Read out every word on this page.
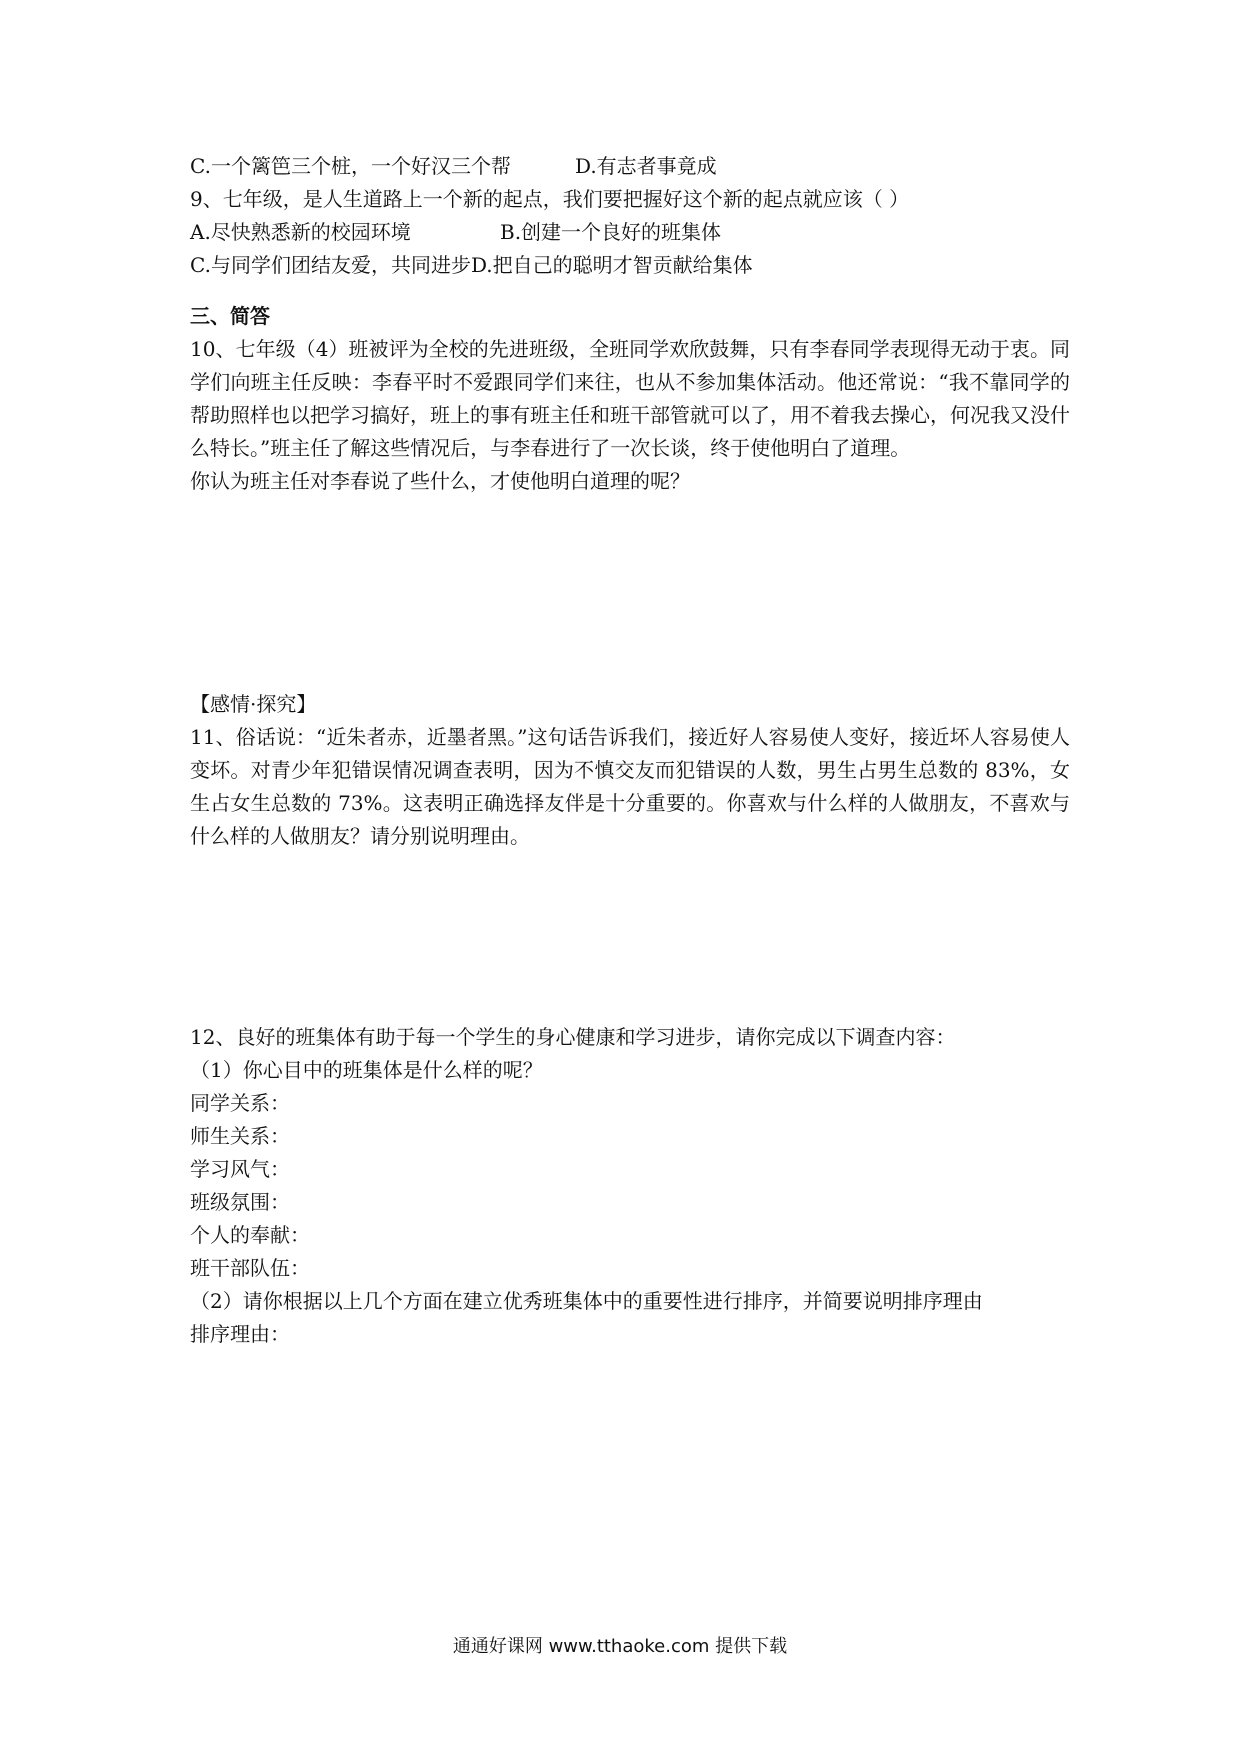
C.一个篱笆三个桩，一个好汉三个帮	D.有志者事竟成
9、七年级，是人生道路上一个新的起点，我们要把握好这个新的起点就应该（ ）
A.尽快熟悉新的校园环境	B.创建一个良好的班集体
C.与同学们团结友爱，共同进步 D.把自己的聪明才智贡献给集体
三、简答
10、七年级（4）班被评为全校的先进班级，全班同学欢欣鼓舞，只有李春同学表现得无动于衷。同学们向班主任反映：李春平时不爱跟同学们来往，也从不参加集体活动。他还常说：“我不靠同学的帮助照样也以把学习搞好，班上的事有班主任和班干部管就可以了，用不着我去操心，何况我又没什么特长。”班主任了解这些情况后，与李春进行了一次长谈，终于使他明白了道理。
你认为班主任对李春说了些什么，才使他明白道理的呢？
【感情·探究】
11、俗话说：“近朱者赤，近墨者黑。”这句话告诉我们，接近好人容易使人变好，接近坏人容易使人变坏。对青少年犯错误情况调查表明，因为不慎交友而犯错误的人数，男生占男生总数的 83%，女生占女生总数的 73%。这表明正确选择友伴是十分重要的。你喜欢与什么样的人做朋友，不喜欢与什么样的人做朋友？请分别说明理由。
12、良好的班集体有助于每一个学生的身心健康和学习进步，请你完成以下调查内容：
（1）你心目中的班集体是什么样的呢？
同学关系：
师生关系：
学习风气：
班级氛围：
个人的奉献：
班干部队伍：
（2）请你根据以上几个方面在建立优秀班集体中的重要性进行排序，并简要说明排序理由
排序理由：
通通好课网 www.tthaoke.com 提供下载
